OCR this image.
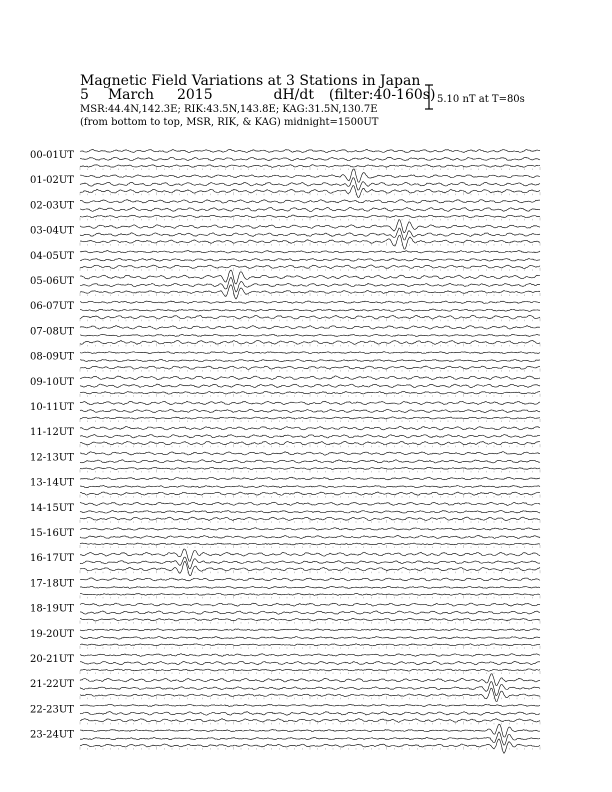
Magnetic Field Variations at 3 Stations in Japan
5 March 2015	dH/dt (filter:40-160s)
MSR:44.4N,142.3E; RIK:43.5N,143.8E; KAG:31.5N,130.7E
(from bottom to top, MSR, RIK, & KAG) midnight=1500UT
5.10 nT at T=80s
00-01UT
01-02UT
02-03UT
03-04UT
04-05UT
05-06UT
06-07UT
07-08UT
08-09UT
09-10UT
10-11UT
11-12UT
12-13UT
13-14UT
14-15UT
15-16UT
16-17UT
17-18UT
18-19UT
19-20UT
20-21UT
21-22UT
22-23UT
23-24UT
